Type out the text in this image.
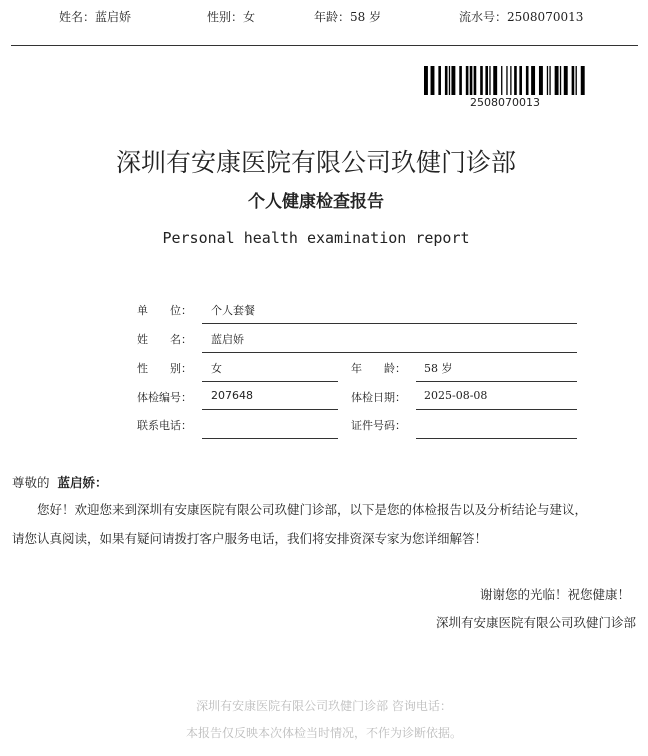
姓名：蓝启娇	性别：女	年龄：58 岁	流水号：2508070013
2508070013
深圳有安康医院有限公司玖健门诊部
个人健康检查报告
Personal health examination report
单　　位： 个人套餐
姓　　名： 蓝启娇
性　　别： 女	年　　龄： 58 岁
体检编号： 207648	体检日期： 2025-08-08
联系电话：	证件号码：
尊敬的 蓝启娇：
您好！欢迎您来到深圳有安康医院有限公司玖健门诊部，以下是您的体检报告以及分析结论与建议，
请您认真阅读，如果有疑问请拨打客户服务电话，我们将安排资深专家为您详细解答！
谢谢您的光临！祝您健康！
深圳有安康医院有限公司玖健门诊部
深圳有安康医院有限公司玖健门诊部 咨询电话：
本报告仅反映本次体检当时情况，不作为诊断依据。
